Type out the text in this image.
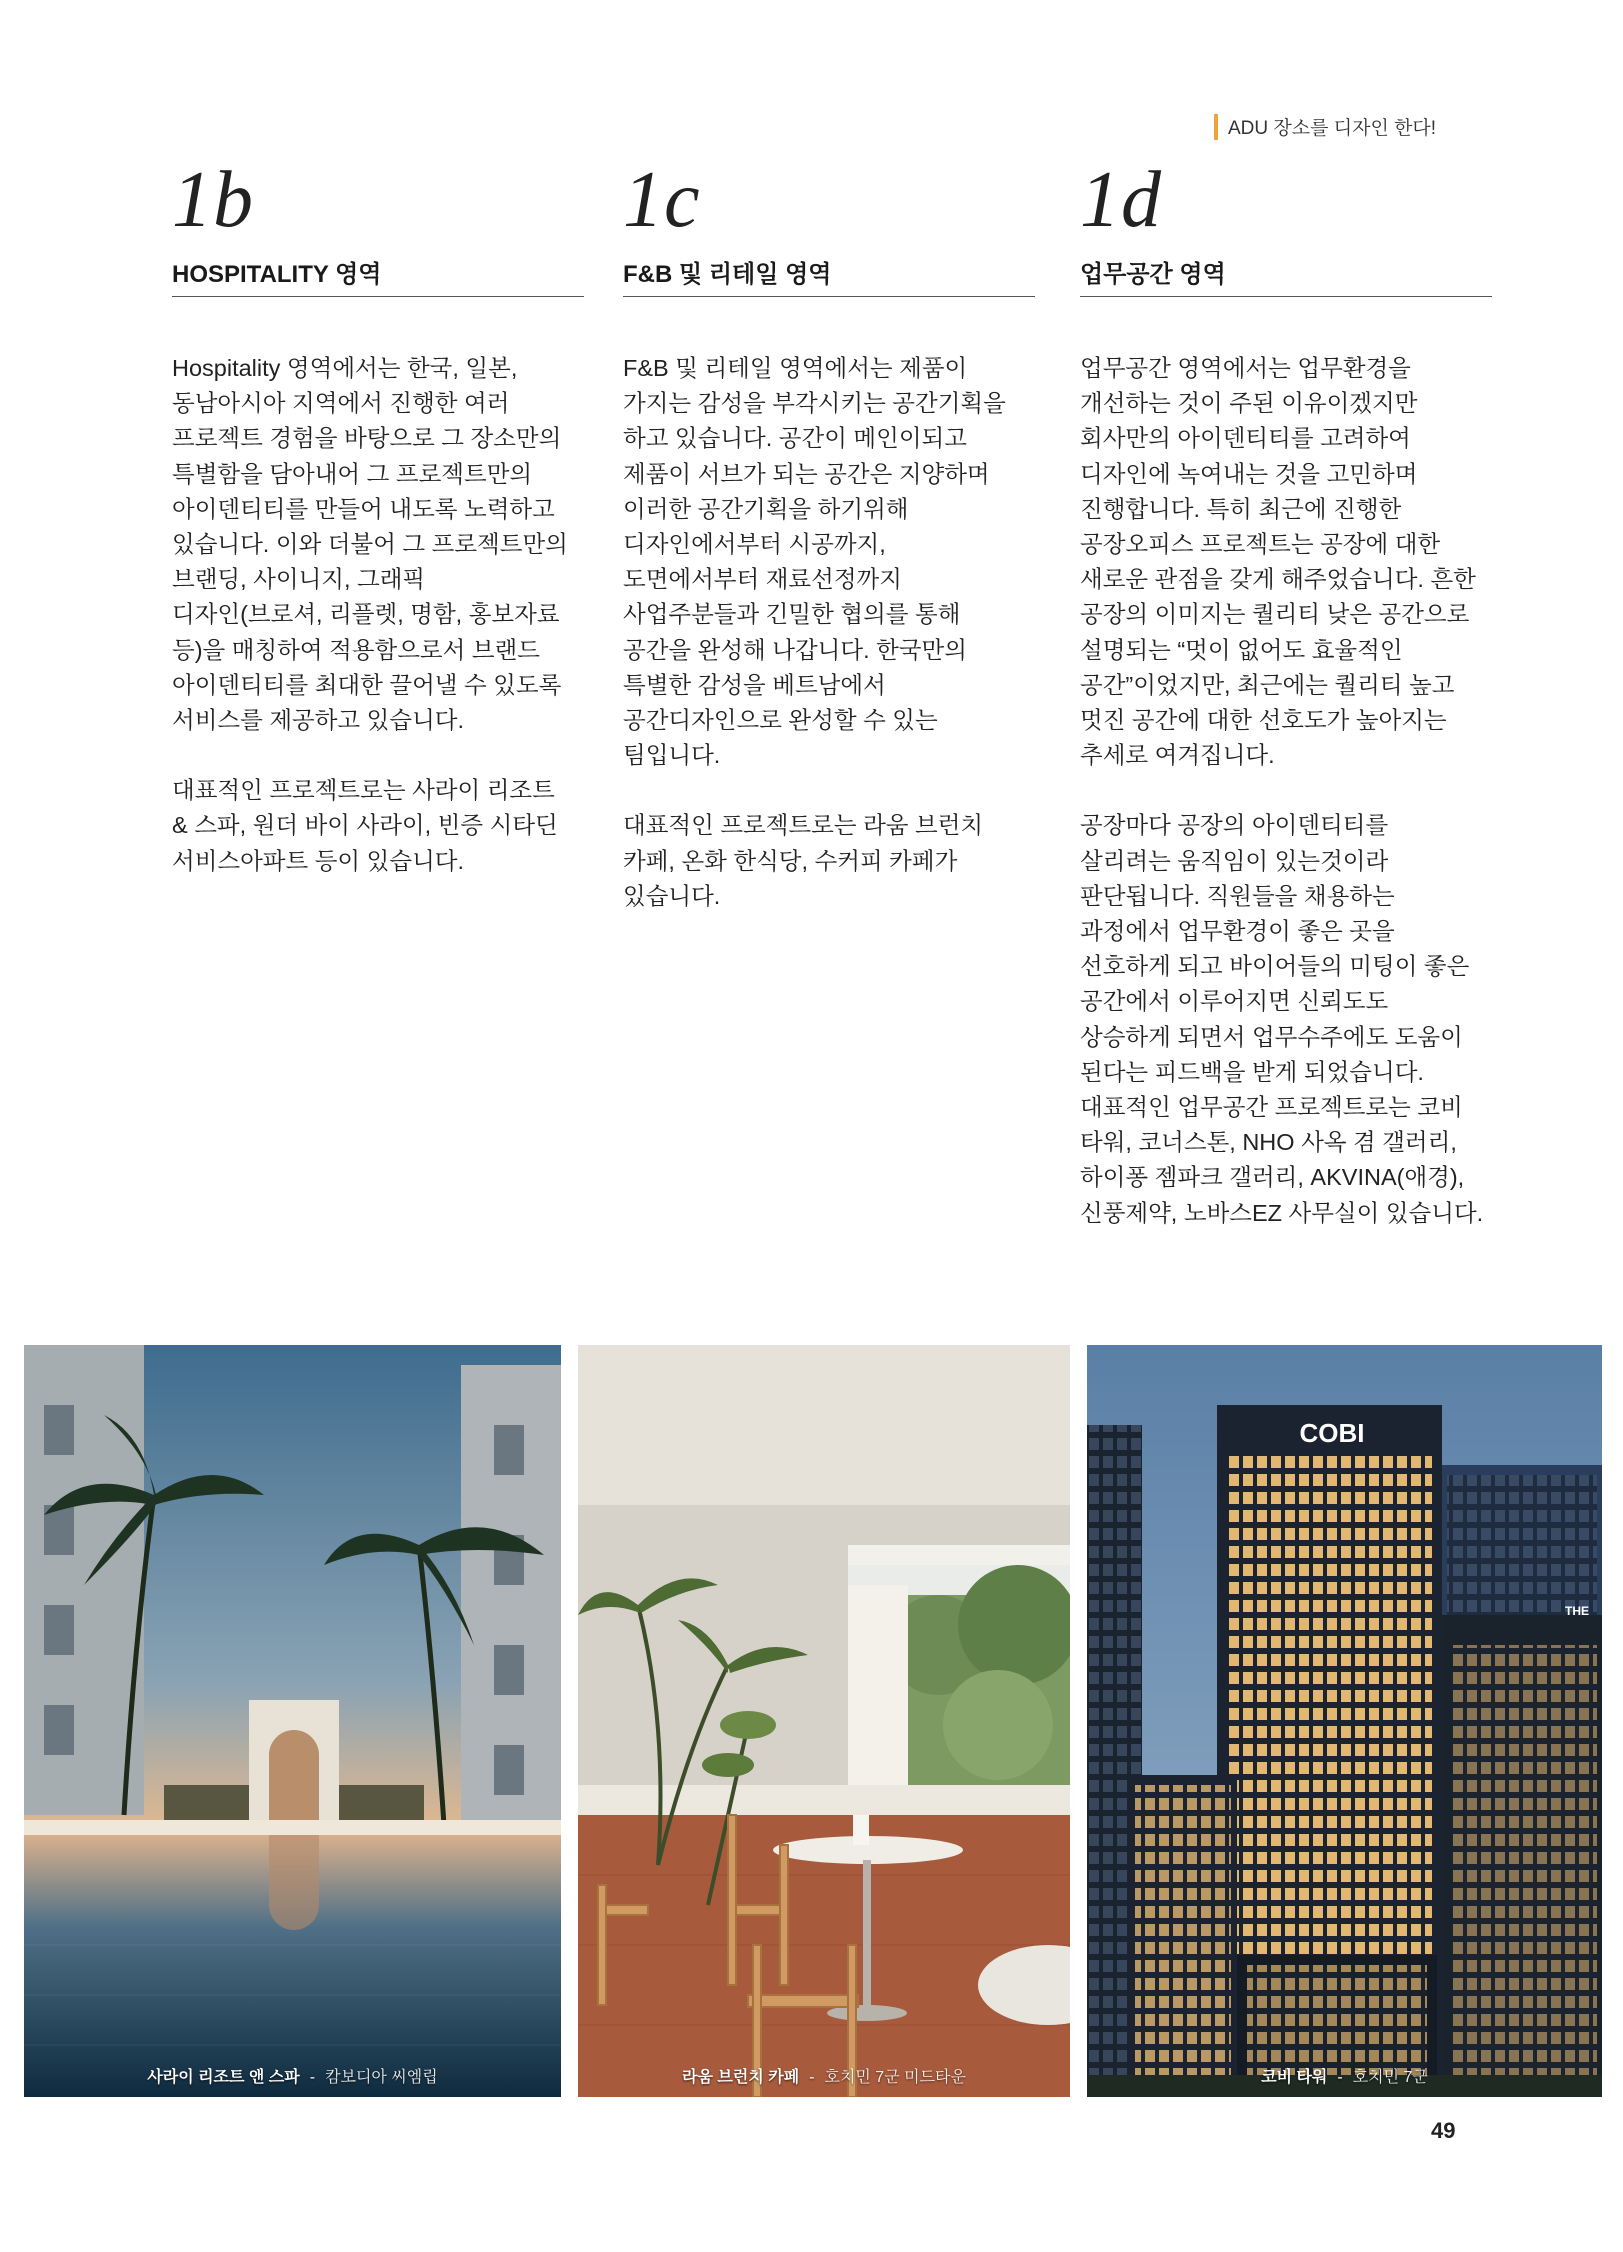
ADU 장소를 디자인 한다!
1b
HOSPITALITY 영역

Hospitality 영역에서는 한국, 일본,
동남아시아 지역에서 진행한 여러
프로젝트 경험을 바탕으로 그 장소만의
특별함을 담아내어 그 프로젝트만의
아이덴티티를 만들어 내도록 노력하고
있습니다. 이와 더불어 그 프로젝트만의
브랜딩, 사이니지, 그래픽
디자인(브로셔, 리플렛, 명함, 홍보자료
등)을 매칭하여 적용함으로서 브랜드
아이덴티티를 최대한 끌어낼 수 있도록
서비스를 제공하고 있습니다.

대표적인 프로젝트로는 사라이 리조트
& 스파, 원더 바이 사라이, 빈증 시타딘
서비스아파트 등이 있습니다.

1c
F&B 및 리테일 영역

F&B 및 리테일 영역에서는 제품이
가지는 감성을 부각시키는 공간기획을
하고 있습니다. 공간이 메인이되고
제품이 서브가 되는 공간은 지양하며
이러한 공간기획을 하기위해
디자인에서부터 시공까지,
도면에서부터 재료선정까지
사업주분들과 긴밀한 협의를 통해
공간을 완성해 나갑니다. 한국만의
특별한 감성을 베트남에서
공간디자인으로 완성할 수 있는
팀입니다.

대표적인 프로젝트로는 라움 브런치
카페, 온화 한식당, 수커피 카페가
있습니다.

1d
업무공간 영역

업무공간 영역에서는 업무환경을
개선하는 것이 주된 이유이겠지만
회사만의 아이덴티티를 고려하여
디자인에 녹여내는 것을 고민하며
진행합니다. 특히 최근에 진행한
공장오피스 프로젝트는 공장에 대한
새로운 관점을 갖게 해주었습니다. 흔한
공장의 이미지는 퀄리티 낮은 공간으로
설명되는 “멋이 없어도 효율적인
공간”이었지만, 최근에는 퀄리티 높고
멋진 공간에 대한 선호도가 높아지는
추세로 여겨집니다.

공장마다 공장의 아이덴티티를
살리려는 움직임이 있는것이라
판단됩니다. 직원들을 채용하는
과정에서 업무환경이 좋은 곳을
선호하게 되고 바이어들의 미팅이 좋은
공간에서 이루어지면 신뢰도도
상승하게 되면서 업무수주에도 도움이
된다는 피드백을 받게 되었습니다.
대표적인 업무공간 프로젝트로는 코비
타워, 코너스톤, NHO 사옥 겸 갤러리,
하이퐁 젬파크 갤러리, AKVINA(애경),
신풍제약, 노바스EZ 사무실이 있습니다.

사라이 리조트 앤 스파 - 캄보디아 씨엠립	라움 브런치 카페 - 호치민 7군 미드타운
COBI
THE
코비 타워 - 호치민 7군
49
